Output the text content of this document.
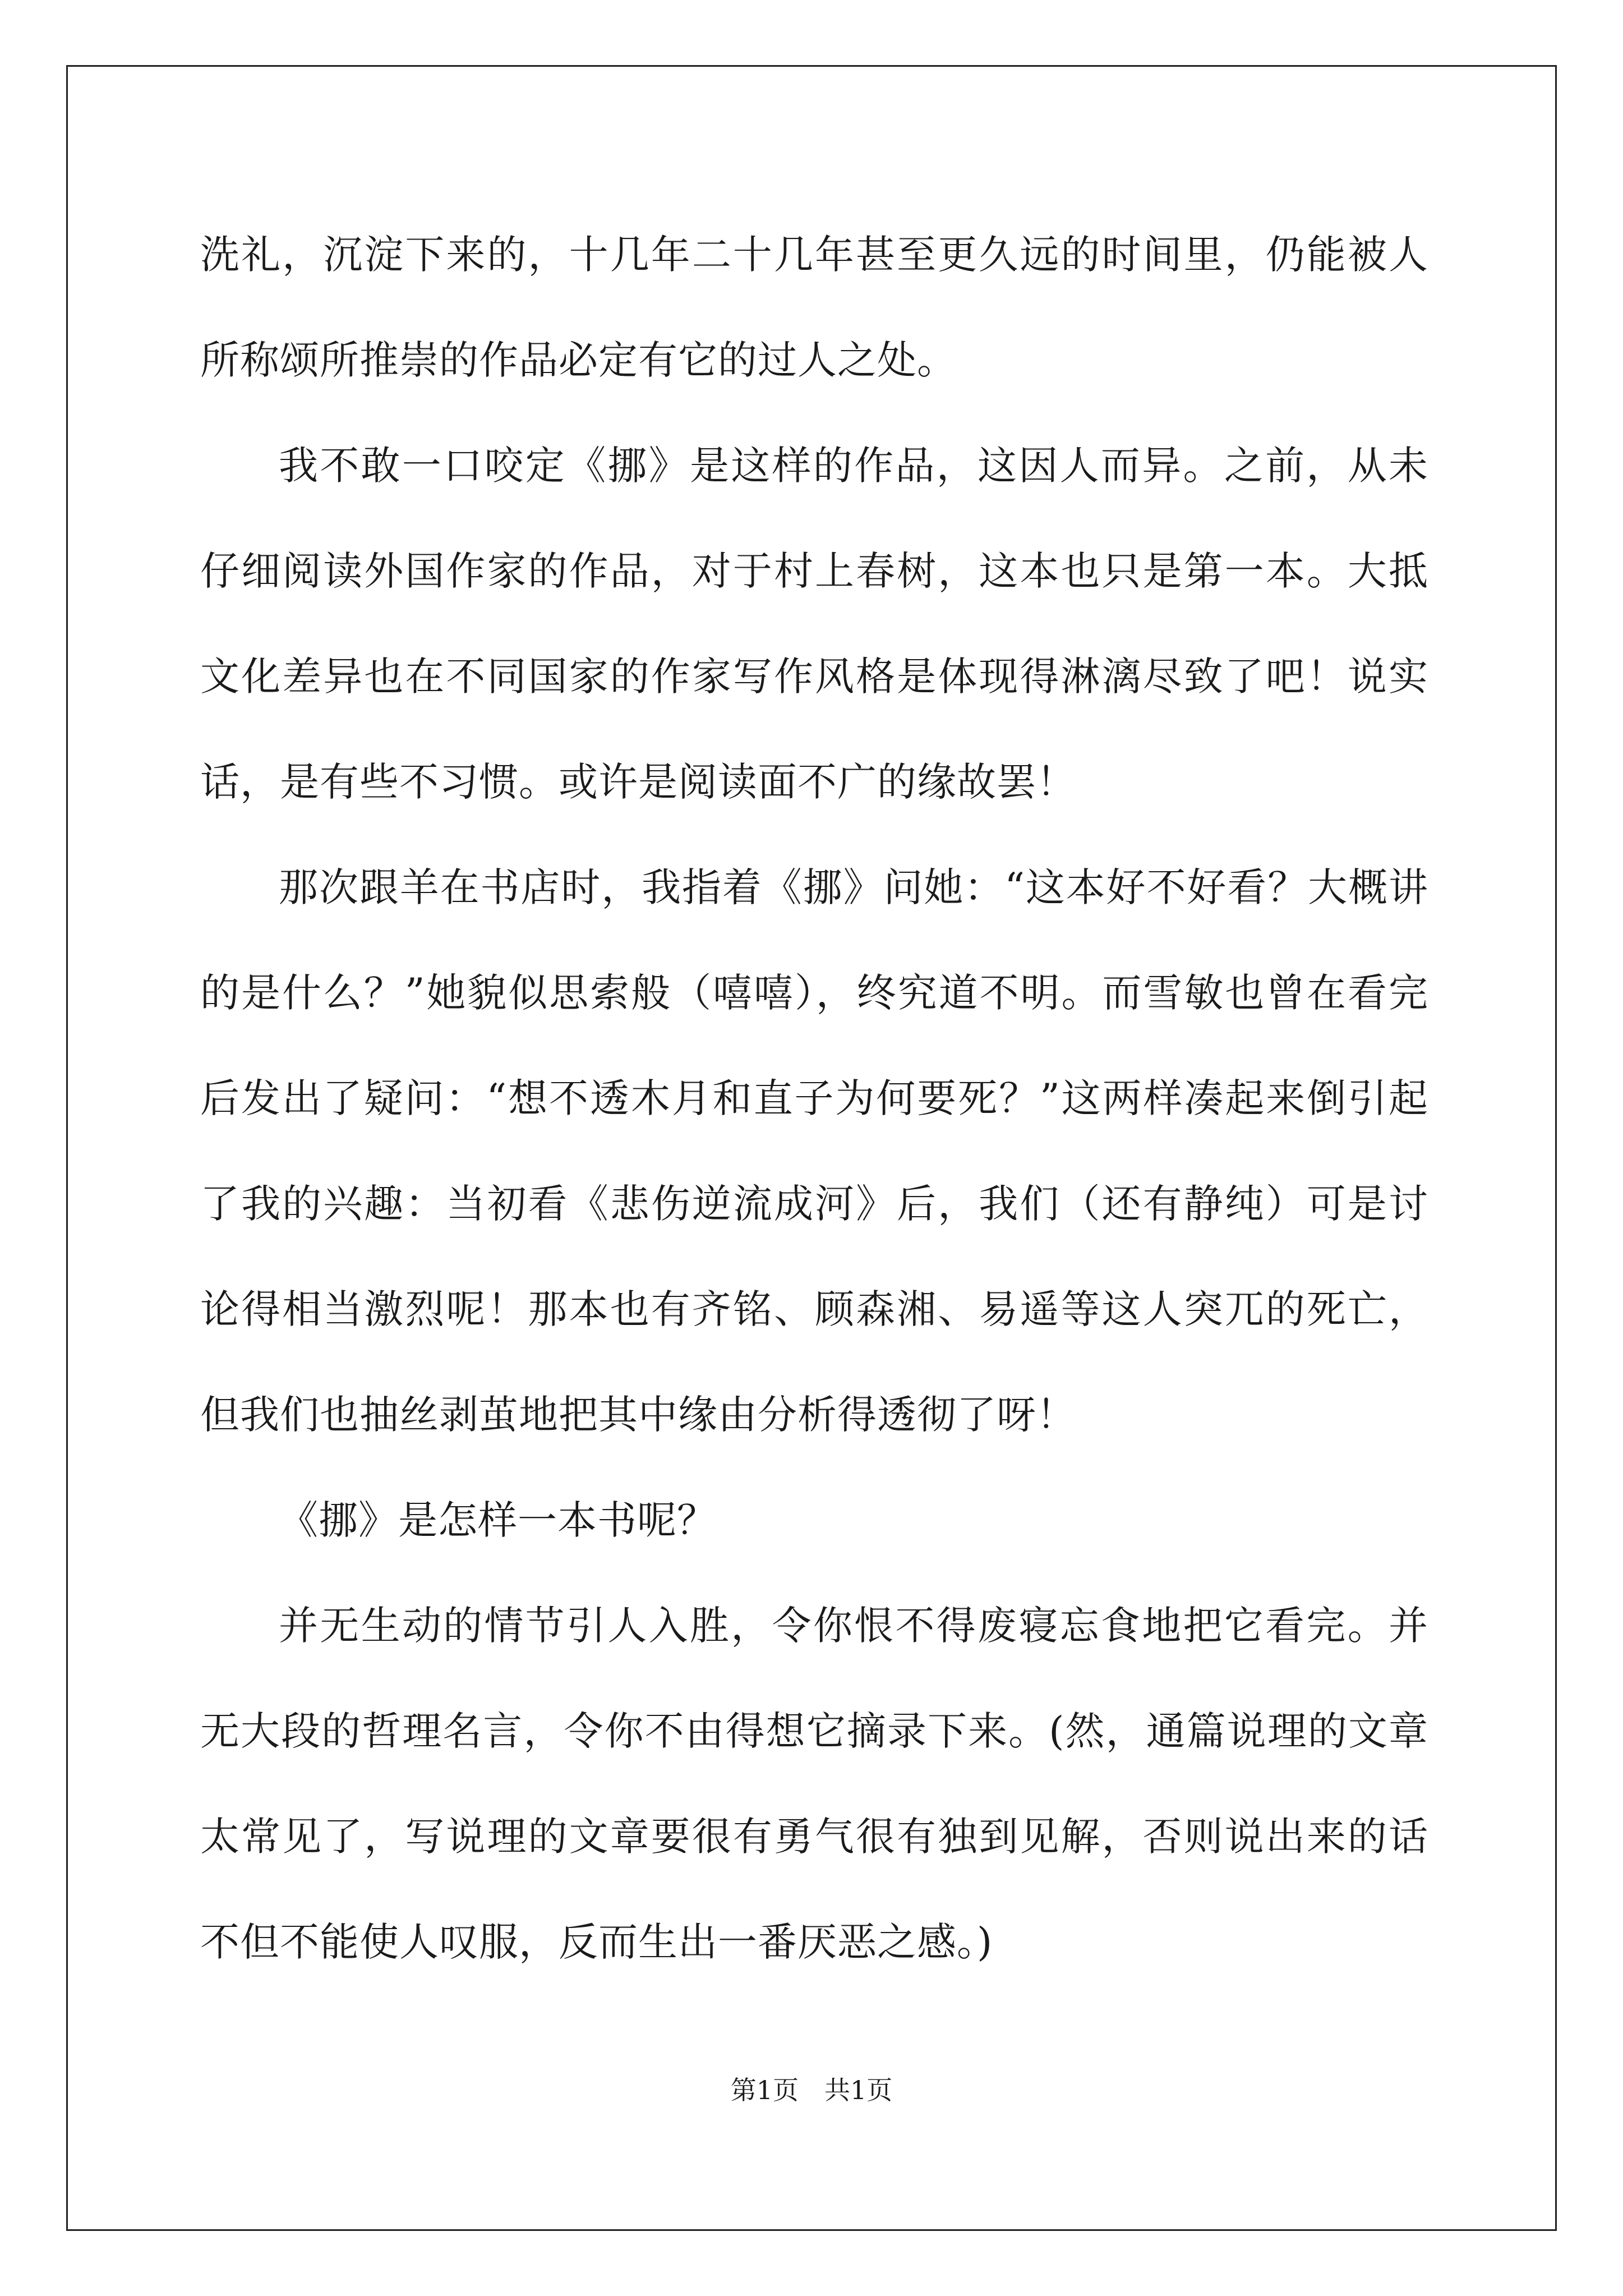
洗礼，沉淀下来的，十几年二十几年甚至更久远的时间里，仍能被人所称颂所推崇的作品必定有它的过人之处。

我不敢一口咬定《挪》是这样的作品，这因人而异。之前，从未仔细阅读外国作家的作品，对于村上春树，这本也只是第一本。大抵文化差异也在不同国家的作家写作风格是体现得淋漓尽致了吧！说实话，是有些不习惯。或许是阅读面不广的缘故罢！

那次跟羊在书店时，我指着《挪》问她：“这本好不好看？大概讲的是什么？”她貌似思索般（嘻嘻），终究道不明。而雪敏也曾在看完后发出了疑问：“想不透木月和直子为何要死？”这两样凑起来倒引起了我的兴趣：当初看《悲伤逆流成河》后，我们（还有静纯）可是讨论得相当激烈呢！那本也有齐铭、顾森湘、易遥等这人突兀的死亡，但我们也抽丝剥茧地把其中缘由分析得透彻了呀！

《挪》是怎样一本书呢？

并无生动的情节引人入胜，令你恨不得废寝忘食地把它看完。并无大段的哲理名言，令你不由得想它摘录下来。(然，通篇说理的文章太常见了，写说理的文章要很有勇气很有独到见解，否则说出来的话不但不能使人叹服，反而生出一番厌恶之感。)

第1页　共1页
